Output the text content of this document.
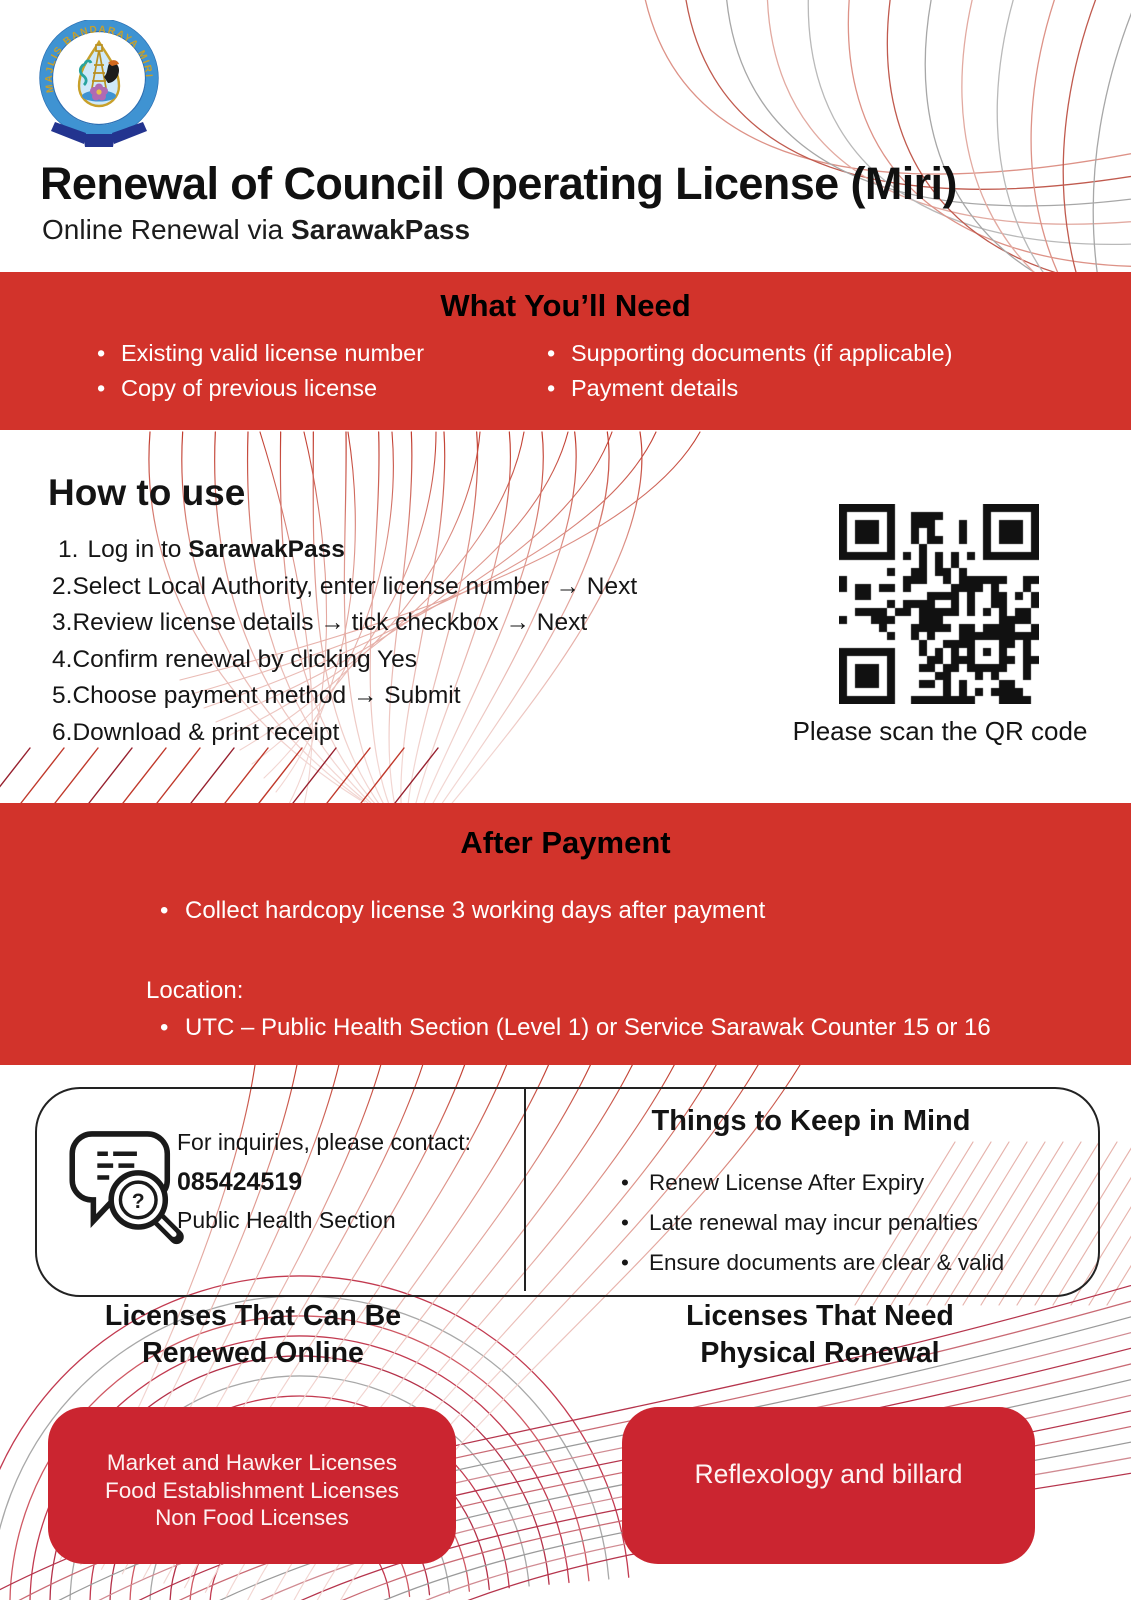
MAJLIS BANDARAYA MIRI
Renewal of Council Operating License (Miri)
Online Renewal via SarawakPass
What You’ll Need
• Existing valid license number
• Copy of previous license
• Supporting documents (if applicable)
• Payment details
How to use
1. Log in to SarawakPass
2.Select Local Authority, enter license number → Next
3.Review license details → tick checkbox → Next
4.Confirm renewal by clicking Yes
5.Choose payment method → Submit
6.Download & print receipt	Please scan the QR code
After Payment
• Collect hardcopy license 3 working days after payment
Location:
• UTC – Public Health Section (Level 1) or Service Sarawak Counter 15 or 16
?
For inquiries, please contact:
085424519
Public Health Section
Things to Keep in Mind
• Renew License After Expiry
• Late renewal may incur penalties
• Ensure documents are clear & valid
Licenses That Can Be
Renewed Online
Licenses That Need
Physical Renewal
Market and Hawker Licenses
Food Establishment Licenses
Non Food Licenses
Reflexology and billard
